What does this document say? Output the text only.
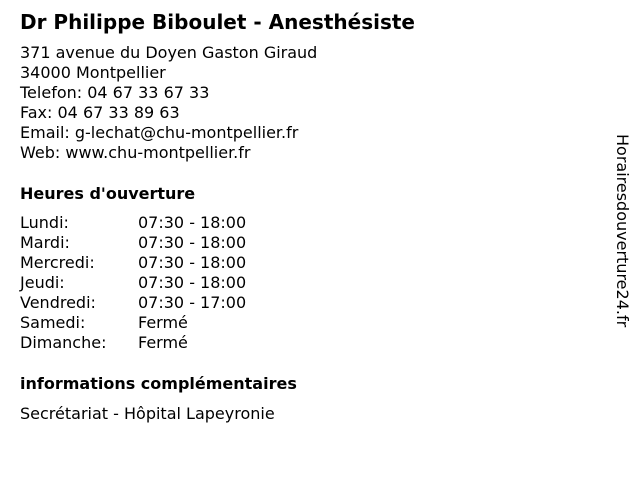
Dr Philippe Biboulet - Anesthésiste
371 avenue du Doyen Gaston Giraud
34000 Montpellier
Telefon: 04 67 33 67 33
Fax: 04 67 33 89 63
Email: g-lechat@chu-montpellier.fr
Web: www.chu-montpellier.fr
Heures d'ouverture
Lundi:	07:30 - 18:00
Mardi:	07:30 - 18:00
Mercredi:	07:30 - 18:00
Jeudi:	07:30 - 18:00
Vendredi:	07:30 - 17:00
Samedi:	Fermé
Dimanche: Fermé
informations complémentaires
Secrétariat - Hôpital Lapeyronie
Horairesdouverture24.fr
